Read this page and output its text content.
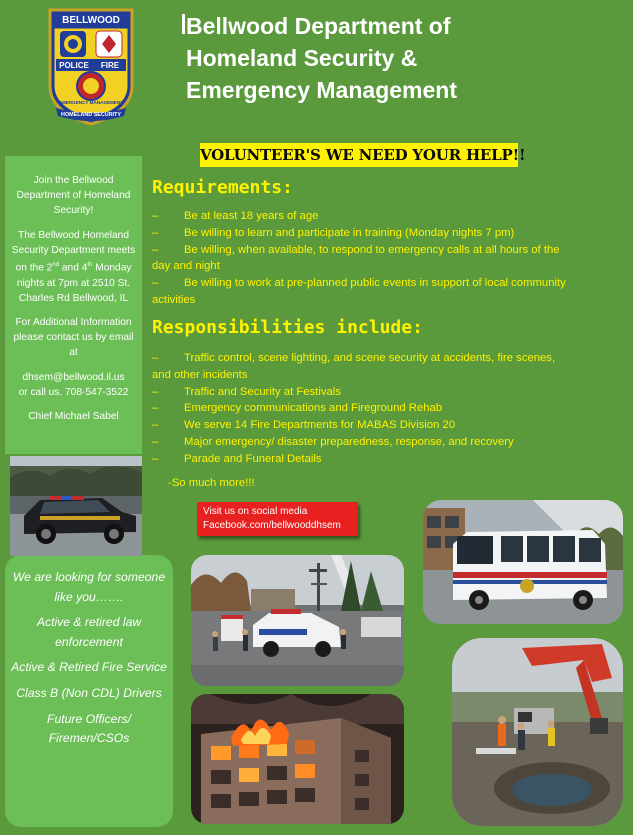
BELLWOOD
POLICE FIRE
EMERGENCY MANAGEMENT
HOMELAND SECURITY
Bellwood Department of
Homeland Security &
Emergency Management
VOLUNTEER'S WE NEED YOUR HELP!!

Join the Bellwood Department of Homeland Security!

The Bellwood Homeland Security Department meets on the 2nd and 4th Monday nights at 7pm at 2510 St. Charles Rd Bellwood, IL

For Additional Information please contact us by email at

dhsem@bellwood.il.us
or call us. 708-547-3522

Chief Michael Sabel

Requirements:
– Be at least 18 years of age
– Be willing to learn and participate in training (Monday nights 7 pm)
– Be willing, when available, to respond to emergency calls at all hours of the day and night
– Be willing to work at pre-planned public events in support of local community activities
Responsibilities include:
– Traffic control, scene lighting, and scene security at accidents, fire scenes, and other incidents
– Traffic and Security at Festivals
– Emergency communications and Fireground Rehab
– We serve 14 Fire Departments for MABAS Division 20
– Major emergency/ disaster preparedness, response, and recovery
– Parade and Funeral Details
-So much more!!!
Visit us on social media
Facebook.com/bellwooddhsem

We are looking for someone like you…….

Active & retired law enforcement

Active & Retired Fire Service

Class B (Non CDL) Drivers

Future Officers/ Firemen/CSOs
